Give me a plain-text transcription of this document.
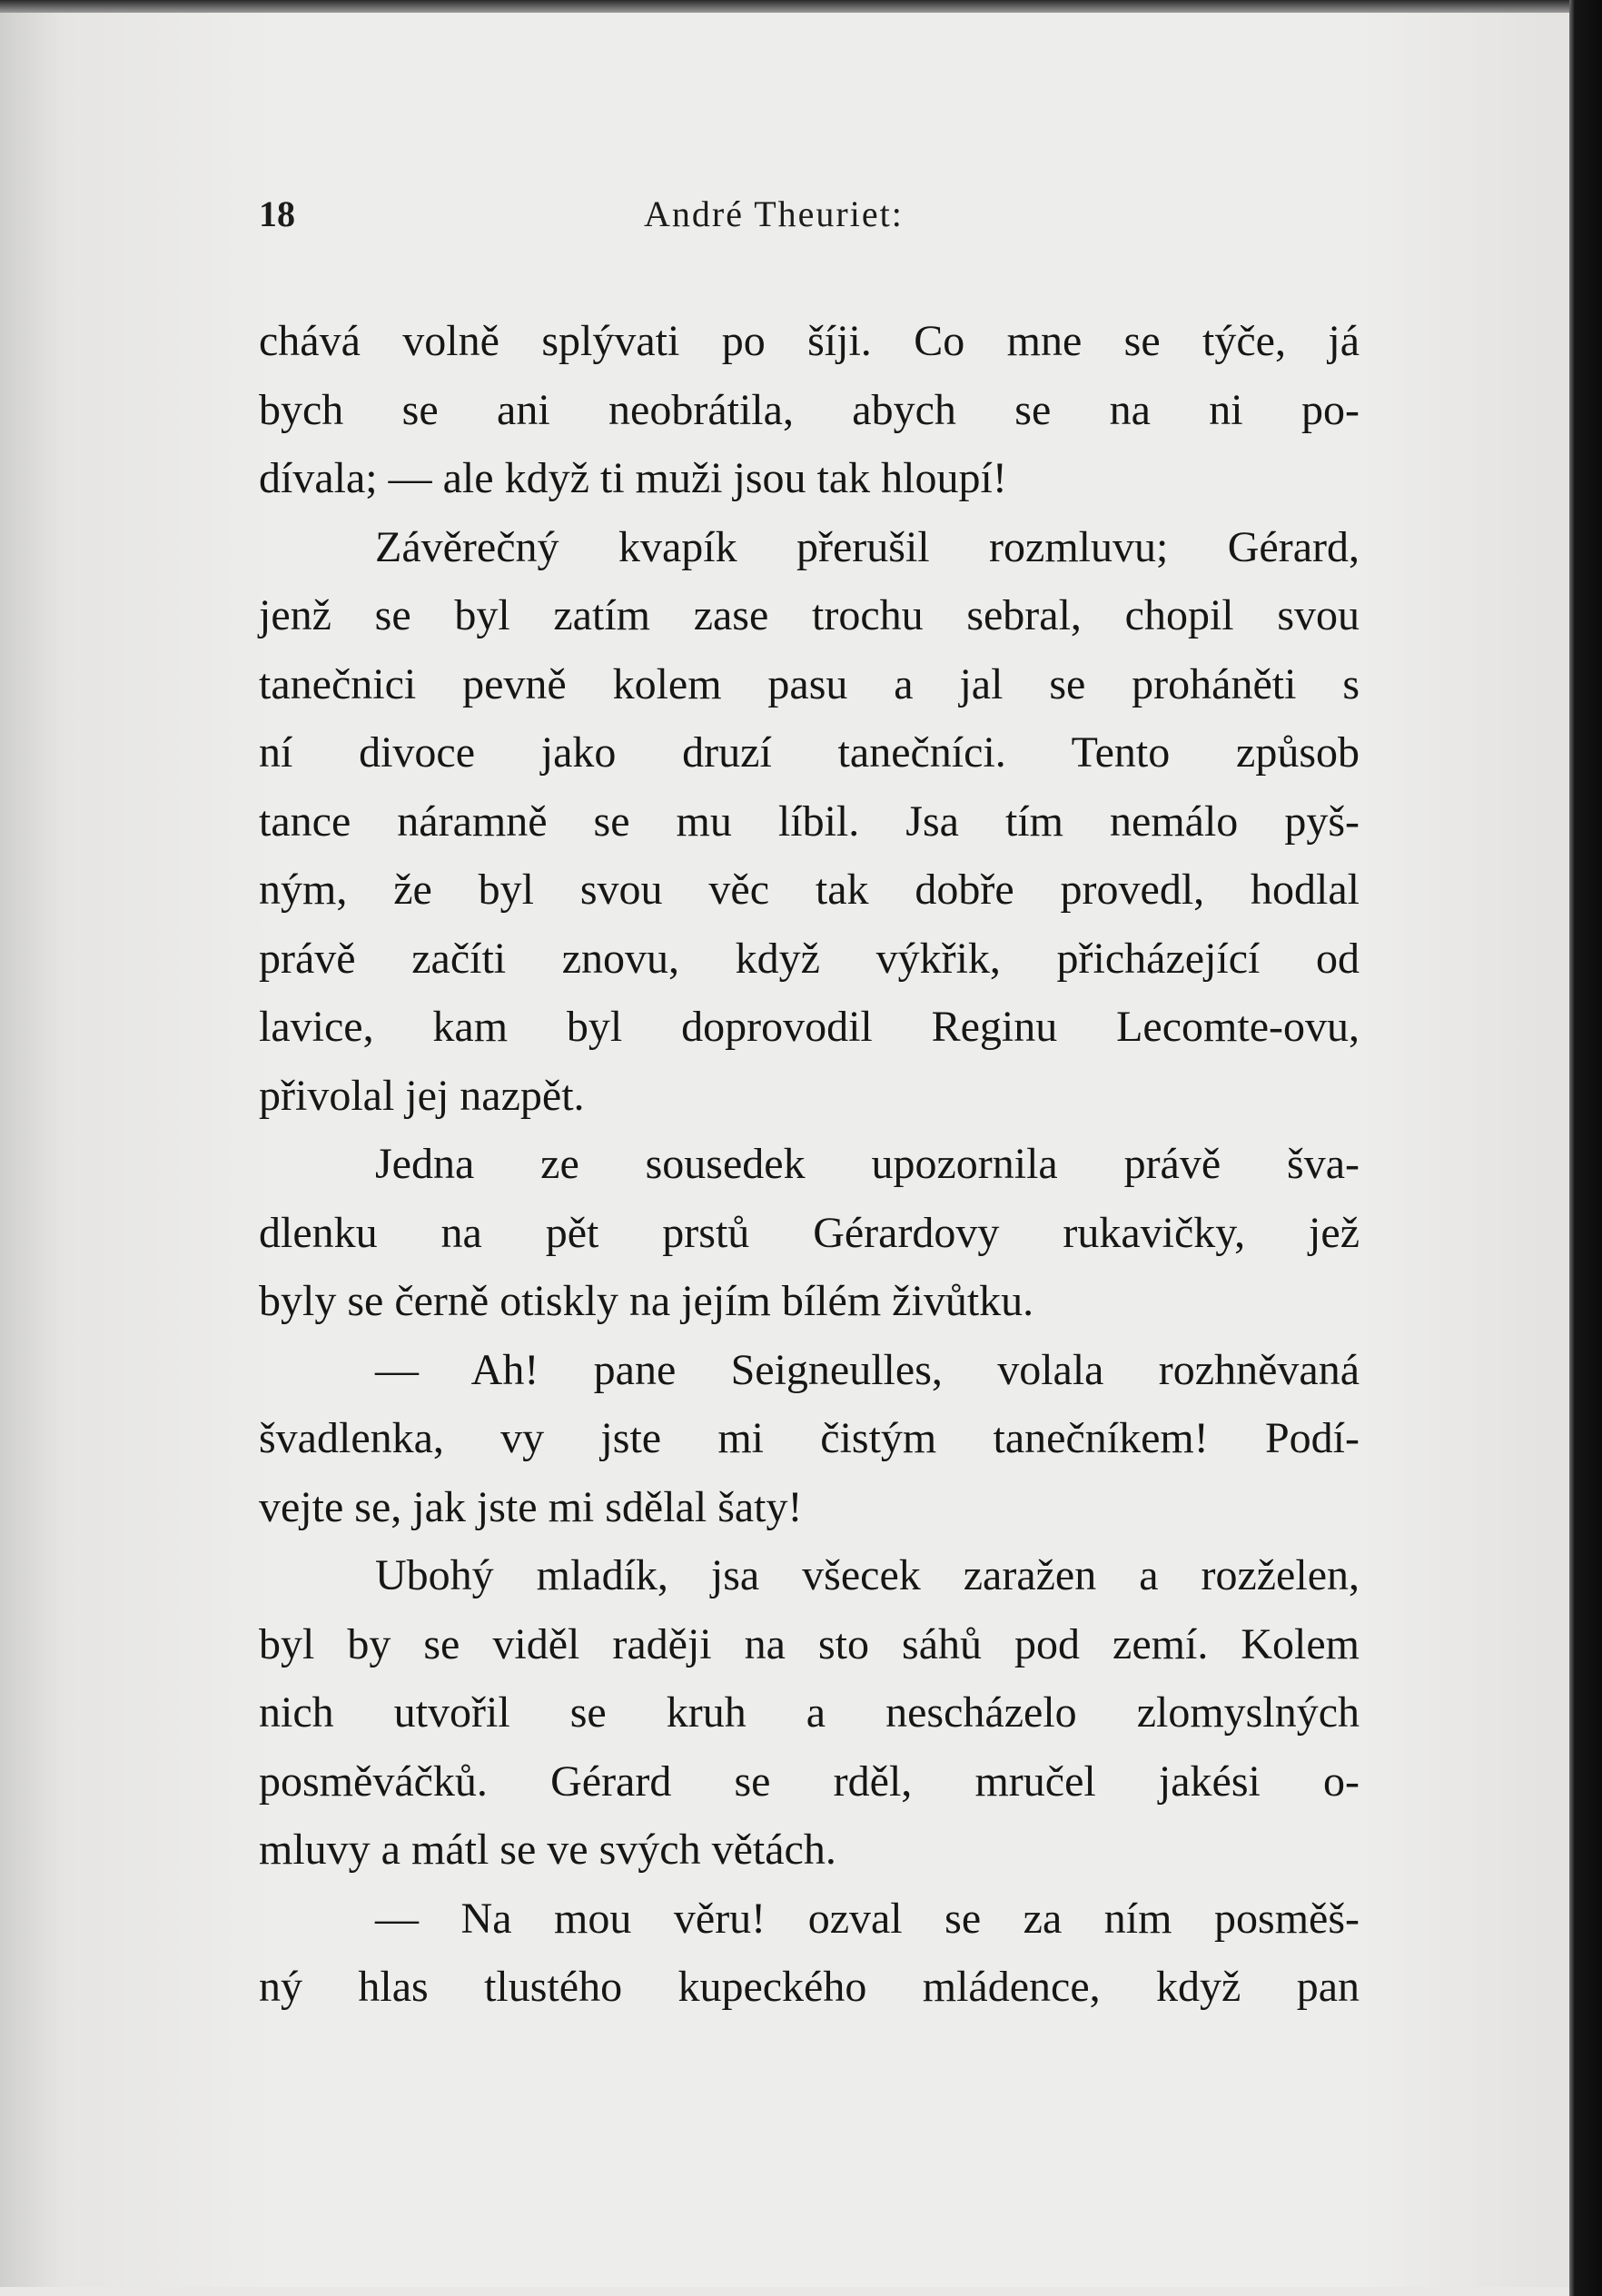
18	André Theuriet:
chává volně splývati po šíji. Co mne se týče, já
bych se ani neobrátila, abych se na ni po-
dívala; — ale když ti muži jsou tak hloupí!
Závěrečný kvapík přerušil rozmluvu; Gérard,
jenž se byl zatím zase trochu sebral, chopil svou
tanečnici pevně kolem pasu a jal se proháněti s
ní divoce jako druzí tanečníci. Tento způsob
tance náramně se mu líbil. Jsa tím nemálo pyš-
ným, že byl svou věc tak dobře provedl, hodlal
právě začíti znovu, když výkřik, přicházející od
lavice, kam byl doprovodil Reginu Lecomte-ovu,
přivolal jej nazpět.
Jedna ze sousedek upozornila právě šva-
dlenku na pět prstů Gérardovy rukavičky, jež
byly se černě otiskly na jejím bílém živůtku.
— Ah! pane Seigneulles, volala rozhněvaná
švadlenka, vy jste mi čistým tanečníkem! Podí-
vejte se, jak jste mi sdělal šaty!
Ubohý mladík, jsa všecek zaražen a rozželen,
byl by se viděl raději na sto sáhů pod zemí. Kolem
nich utvořil se kruh a nescházelo zlomyslných
posměváčků. Gérard se rděl, mručel jakési o-
mluvy a mátl se ve svých větách.
— Na mou věru! ozval se za ním posměš-
ný hlas tlustého kupeckého mládence, když pan
